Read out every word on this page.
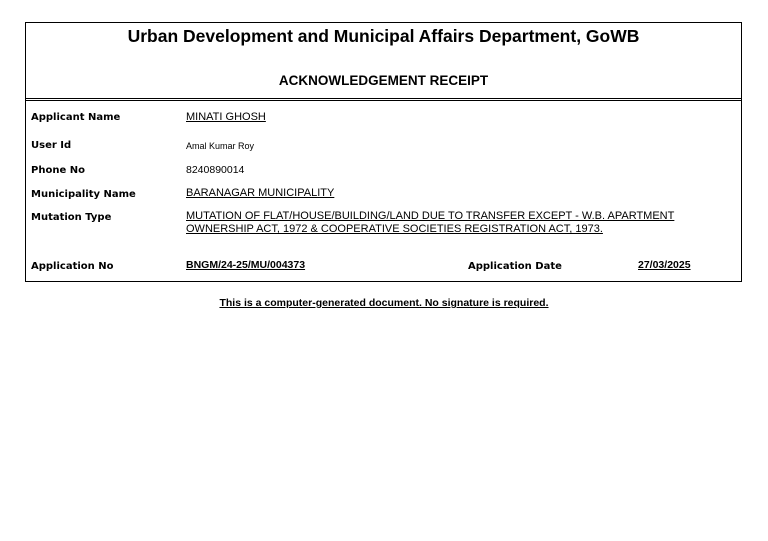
Urban Development and Municipal Affairs Department, GoWB
ACKNOWLEDGEMENT RECEIPT
Applicant Name	MINATI GHOSH
User Id	Amal Kumar Roy
Phone No	8240890014
Municipality Name	BARANAGAR MUNICIPALITY
Mutation Type	MUTATION OF FLAT/HOUSE/BUILDING/LAND DUE TO TRANSFER EXCEPT - W.B. APARTMENT OWNERSHIP ACT, 1972 & COOPERATIVE SOCIETIES REGISTRATION ACT, 1973.
Application No	BNGM/24-25/MU/004373	Application Date	27/03/2025
This is a computer-generated document. No signature is required.
